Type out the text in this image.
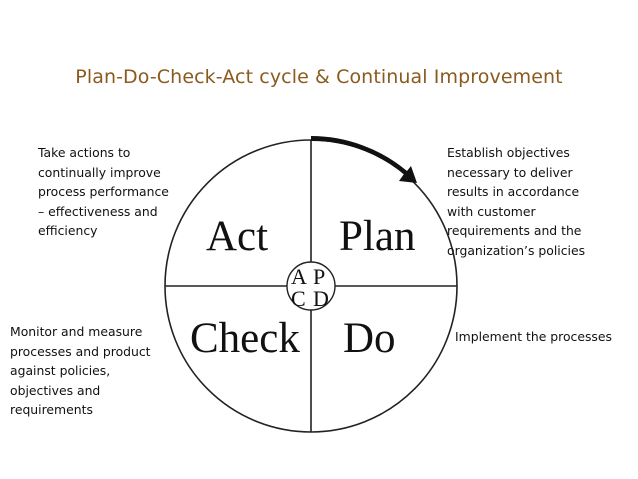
Plan-Do-Check-Act cycle & Continual Improvement
A P
C D
Act Plan
Check Do
Take actions to
continually improve
process performance
– effectiveness and
efficiency
Establish objectives
necessary to deliver
results in accordance
with customer
requirements and the
organization’s policies
Monitor and measure
processes and product
against policies,
objectives and
requirements
Implement the processes
